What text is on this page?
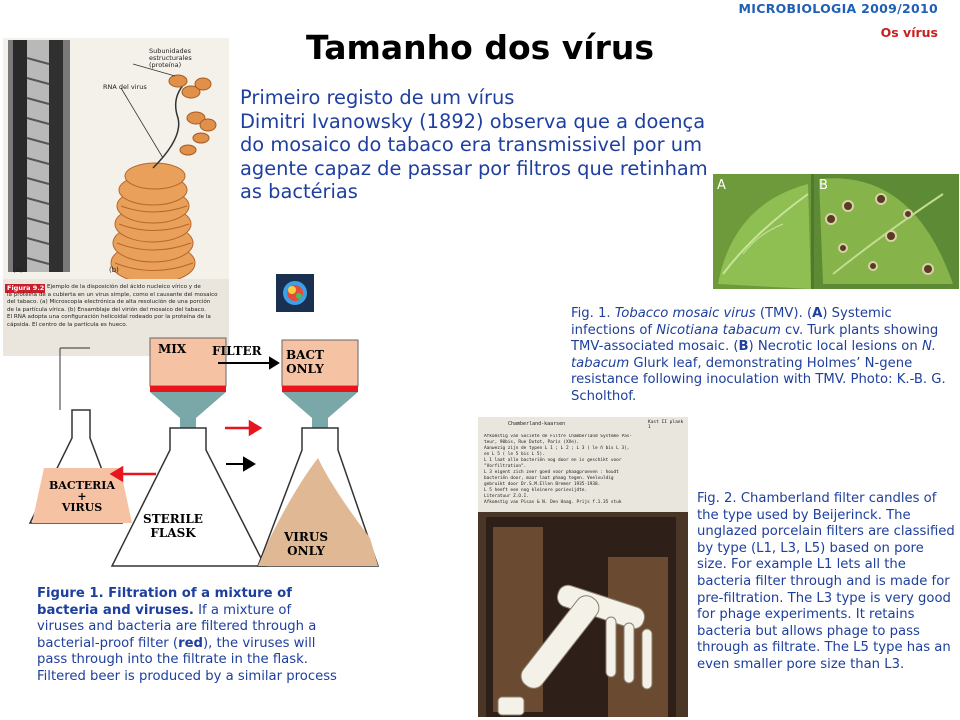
MICROBIOLOGIA 2009/2010
Os vírus
Tamanho dos vírus
Primeiro registo de um vírus
Dimitri Ivanowsky (1892) observa que a doença
do mosaico do tabaco era transmissivel por um
agente capaz de passar por filtros que retinham
as bactérias
Subunidades
estructurales
(proteína)
RNA del virus
(a)	(b)
Figura 9.2 Ejemplo de la disposición del ácido nucleico vírico y de
la proteína de a cubierta en un virus simple, como el causante del mosaico
del tabaco. (a) Microscopia electrónica de alta resolución de una porción
de la partícula vírica. (b) Ensamblaje del virión del mosaico del tabaco.
El RNA adopta una configuración helicoidal rodeado por la proteína de la
cápsida. El centro de la partícula es hueco.
A	B
Fig. 1. Tobacco mosaic virus (TMV). (A) Systemic infections of Nicotiana tabacum cv. Turk plants showing TMV-associated mosaic. (B) Necrotic local lesions on N. tabacum Glurk leaf, demonstrating Holmes’ N-gene resistance following inoculation with TMV. Photo: K.-B. G. Scholthof.
MIX FILTER BACT
ONLY
BACTERIA
+
VIRUS
STERILE
FLASK	VIRUS
ONLY
Figure 1. Filtration of a mixture of bacteria and viruses. If a mixture of viruses and bacteria are filtered through a bacterial-proof filter (red), the viruses will pass through into the filtrate in the flask. Filtered beer is produced by a similar process
Chamberland-kaarsen	Kast II plank 1
Afkomstig van Société de Filtre Chamberland Systeme Pas-
teur, 90bis, Rue Dutot, Paris (XVe).
Aanwezig zijn de typen L 1 ; L 2 ; L 3 ( le ñ bis L 3),
en L 5 ( le 5 bis L 5).
L 1 laat alle bacteriën nog door en is geschikt voor
"Vorfiltration".
L 3 eigent zich zeer goed voor phaagproeven : houdt
bacteriën door, maar laat phaag tegen. Veelvuldig
gebruikt door Dr.S.M.Ellen Bremer 1935-1938.
L 5 heeft een nog kleinere porievijdte.
Literatuur Z.O.I.
Afkomstig van Pisas & N. Den Haag. Prijs f.1.35 stuk	Fig. 2. Chamberland filter candles of the type used by Beijerinck. The unglazed porcelain filters are classified by type (L1, L3, L5) based on pore size. For example L1 lets all the bacteria filter through and is made for pre-filtration. The L3 type is very good for phage experiments. It retains bacteria but allows phage to pass through as filtrate. The L5 type has an even smaller pore size than L3.
